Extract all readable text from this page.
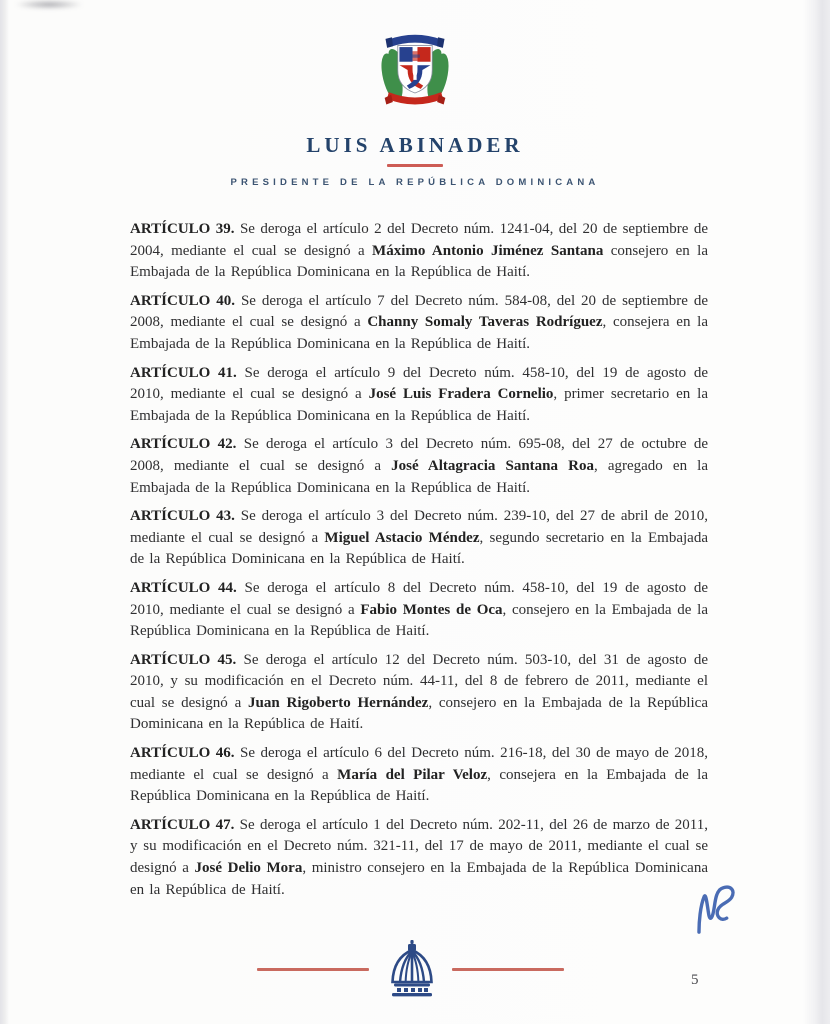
LUIS ABINADER
PRESIDENTE DE LA REPÚBLICA DOMINICANA

ARTÍCULO 39. Se deroga el artículo 2 del Decreto núm. 1241-04, del 20 de septiembre de 2004, mediante el cual se designó a Máximo Antonio Jiménez Santana consejero en la Embajada de la República Dominicana en la República de Haití.

ARTÍCULO 40. Se deroga el artículo 7 del Decreto núm. 584-08, del 20 de septiembre de 2008, mediante el cual se designó a Channy Somaly Taveras Rodríguez, consejera en la Embajada de la República Dominicana en la República de Haití.

ARTÍCULO 41. Se deroga el artículo 9 del Decreto núm. 458-10, del 19 de agosto de 2010, mediante el cual se designó a José Luis Fradera Cornelio, primer secretario en la Embajada de la República Dominicana en la República de Haití.

ARTÍCULO 42. Se deroga el artículo 3 del Decreto núm. 695-08, del 27 de octubre de 2008, mediante el cual se designó a José Altagracia Santana Roa, agregado en la Embajada de la República Dominicana en la República de Haití.

ARTÍCULO 43. Se deroga el artículo 3 del Decreto núm. 239-10, del 27 de abril de 2010, mediante el cual se designó a Miguel Astacio Méndez, segundo secretario en la Embajada de la República Dominicana en la República de Haití.

ARTÍCULO 44. Se deroga el artículo 8 del Decreto núm. 458-10, del 19 de agosto de 2010, mediante el cual se designó a Fabio Montes de Oca, consejero en la Embajada de la República Dominicana en la República de Haití.

ARTÍCULO 45. Se deroga el artículo 12 del Decreto núm. 503-10, del 31 de agosto de 2010, y su modificación en el Decreto núm. 44-11, del 8 de febrero de 2011, mediante el cual se designó a Juan Rigoberto Hernández, consejero en la Embajada de la República Dominicana en la República de Haití.

ARTÍCULO 46. Se deroga el artículo 6 del Decreto núm. 216-18, del 30 de mayo de 2018, mediante el cual se designó a María del Pilar Veloz, consejera en la Embajada de la República Dominicana en la República de Haití.

ARTÍCULO 47. Se deroga el artículo 1 del Decreto núm. 202-11, del 26 de marzo de 2011, y su modificación en el Decreto núm. 321-11, del 17 de mayo de 2011, mediante el cual se designó a José Delio Mora, ministro consejero en la Embajada de la República Dominicana en la República de Haití.

5
